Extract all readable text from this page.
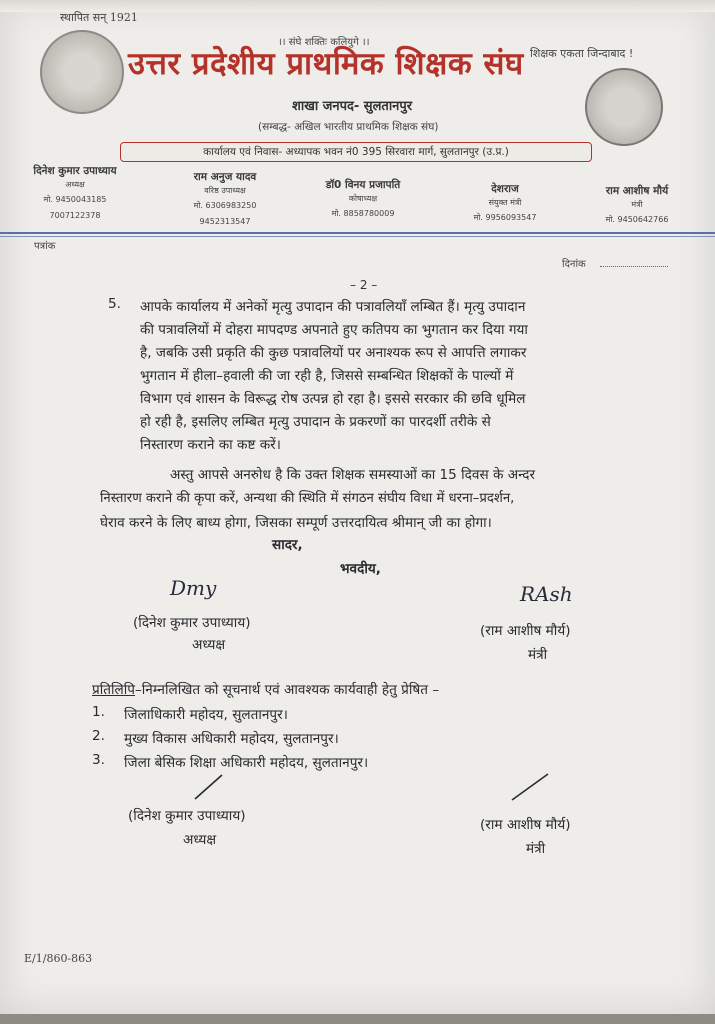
स्थापित सन् 1921
।। संघे शक्तिः कलियुगे ।।
शिक्षक एकता जिन्दाबाद !
उत्तर प्रदेशीय प्राथमिक शिक्षक संघ
शाखा जनपद- सुलतानपुर
(सम्बद्ध- अखिल भारतीय प्राथमिक शिक्षक संघ)
कार्यालय एवं निवास- अध्यापक भवन नं0 395 सिरवारा मार्ग, सुलतानपुर (उ.प्र.)
दिनेश कुमार उपाध्याय
अध्यक्ष
मो. 9450043185
7007122378
राम अनुज यादव
वरिष्ठ उपाध्यक्ष
मो. 6306983250
9452313547
डॉ0 विनय प्रजापति
कोषाध्यक्ष
मो. 8858780009
देशराज
संयुक्त मंत्री
मो. 9956093547
राम आशीष मौर्य
मंत्री
मो. 9450642766
पत्रांक
दिनांक
– 2 –
5. आपके कार्यालय में अनेकों मृत्यु उपादान की पत्रावलियाँ लम्बित हैं। मृत्यु उपादान
की पत्रावलियों में दोहरा मापदण्ड अपनाते हुए कतिपय का भुगतान कर दिया गया
है, जबकि उसी प्रकृति की कुछ पत्रावलियों पर अनाश्यक रूप से आपत्ति लगाकर
भुगतान में हीला–हवाली की जा रही है, जिससे सम्बन्धित शिक्षकों के पाल्यों में
विभाग एवं शासन के विरूद्ध रोष उत्पन्न हो रहा है। इससे सरकार की छवि धूमिल
हो रही है, इसलिए लम्बित मृत्यु उपादान के प्रकरणों का पारदर्शी तरीके से
निस्तारण कराने का कष्ट करें।
अस्तु आपसे अनरुोध है कि उक्त शिक्षक समस्याओं का 15 दिवस के अन्दर
निस्तारण कराने की कृपा करें, अन्यथा की स्थिति में संगठन संघीय विधा में धरना–प्रदर्शन,
घेराव करने के लिए बाध्य होगा, जिसका सम्पूर्ण उत्तरदायित्व श्रीमान् जी का होगा।
सादर,
भवदीय,
Dmy
(दिनेश कुमार उपाध्याय)
अध्यक्ष
RAsh
(राम आशीष मौर्य)
मंत्री
प्रतिलिपि–निम्नलिखित को सूचनार्थ एवं आवश्यक कार्यवाही हेतु प्रेषित –
1. जिलाधिकारी महोदय, सुलतानपुर।
2. मुख्य विकास अधिकारी महोदय, सुलतानपुर।
3. जिला बेसिक शिक्षा अधिकारी महोदय, सुलतानपुर।
(दिनेश कुमार उपाध्याय)
अध्यक्ष
(राम आशीष मौर्य)
मंत्री
E/1/860-863
